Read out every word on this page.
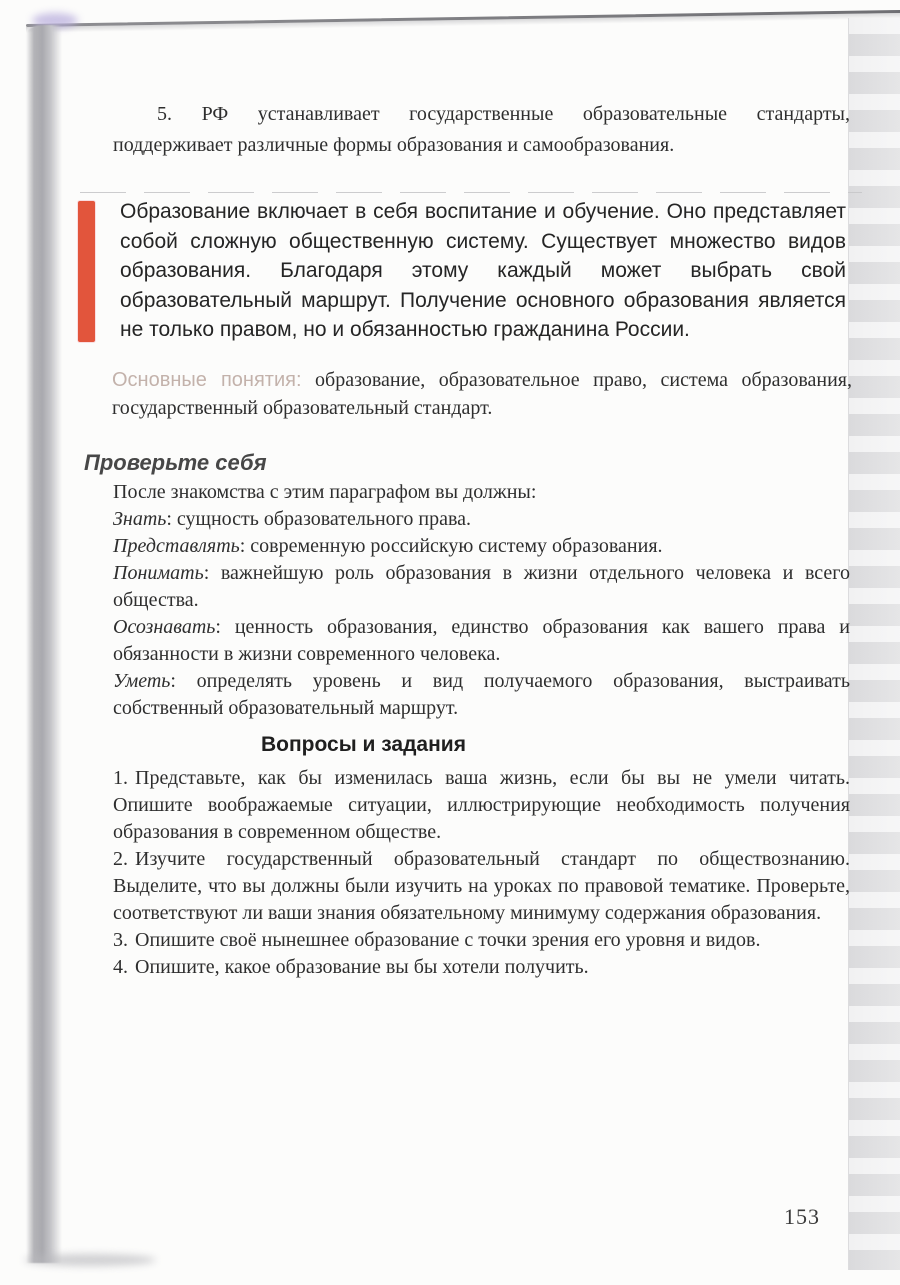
5. РФ устанавливает государственные образовательные стандарты, поддерживает различные формы образования и самообразования.

Образование включает в себя воспитание и обучение. Оно представляет собой сложную общественную систему. Существует множество видов образования. Благодаря этому каждый может выбрать свой образовательный маршрут. Получение основного образования является не только правом, но и обязанностью гражданина России.

Основные понятия: образование, образовательное право, система образования, государственный образовательный стандарт.

Проверьте себя

После знакомства с этим параграфом вы должны:

Знать: сущность образовательного права.

Представлять: современную российскую систему образования.

Понимать: важнейшую роль образования в жизни отдельного человека и всего общества.

Осознавать: ценность образования, единство образования как вашего права и обязанности в жизни современного человека.

Уметь: определять уровень и вид получаемого образования, выстраивать собственный образовательный маршрут.

Вопросы и задания

1. Представьте, как бы изменилась ваша жизнь, если бы вы не умели читать. Опишите воображаемые ситуации, иллюстрирующие необходимость получения образования в современном обществе.

2. Изучите государственный образовательный стандарт по обществознанию. Выделите, что вы должны были изучить на уроках по правовой тематике. Проверьте, соответствуют ли ваши знания обязательному минимуму содержания образования.

3. Опишите своё нынешнее образование с точки зрения его уровня и видов.

4. Опишите, какое образование вы бы хотели получить.

153
